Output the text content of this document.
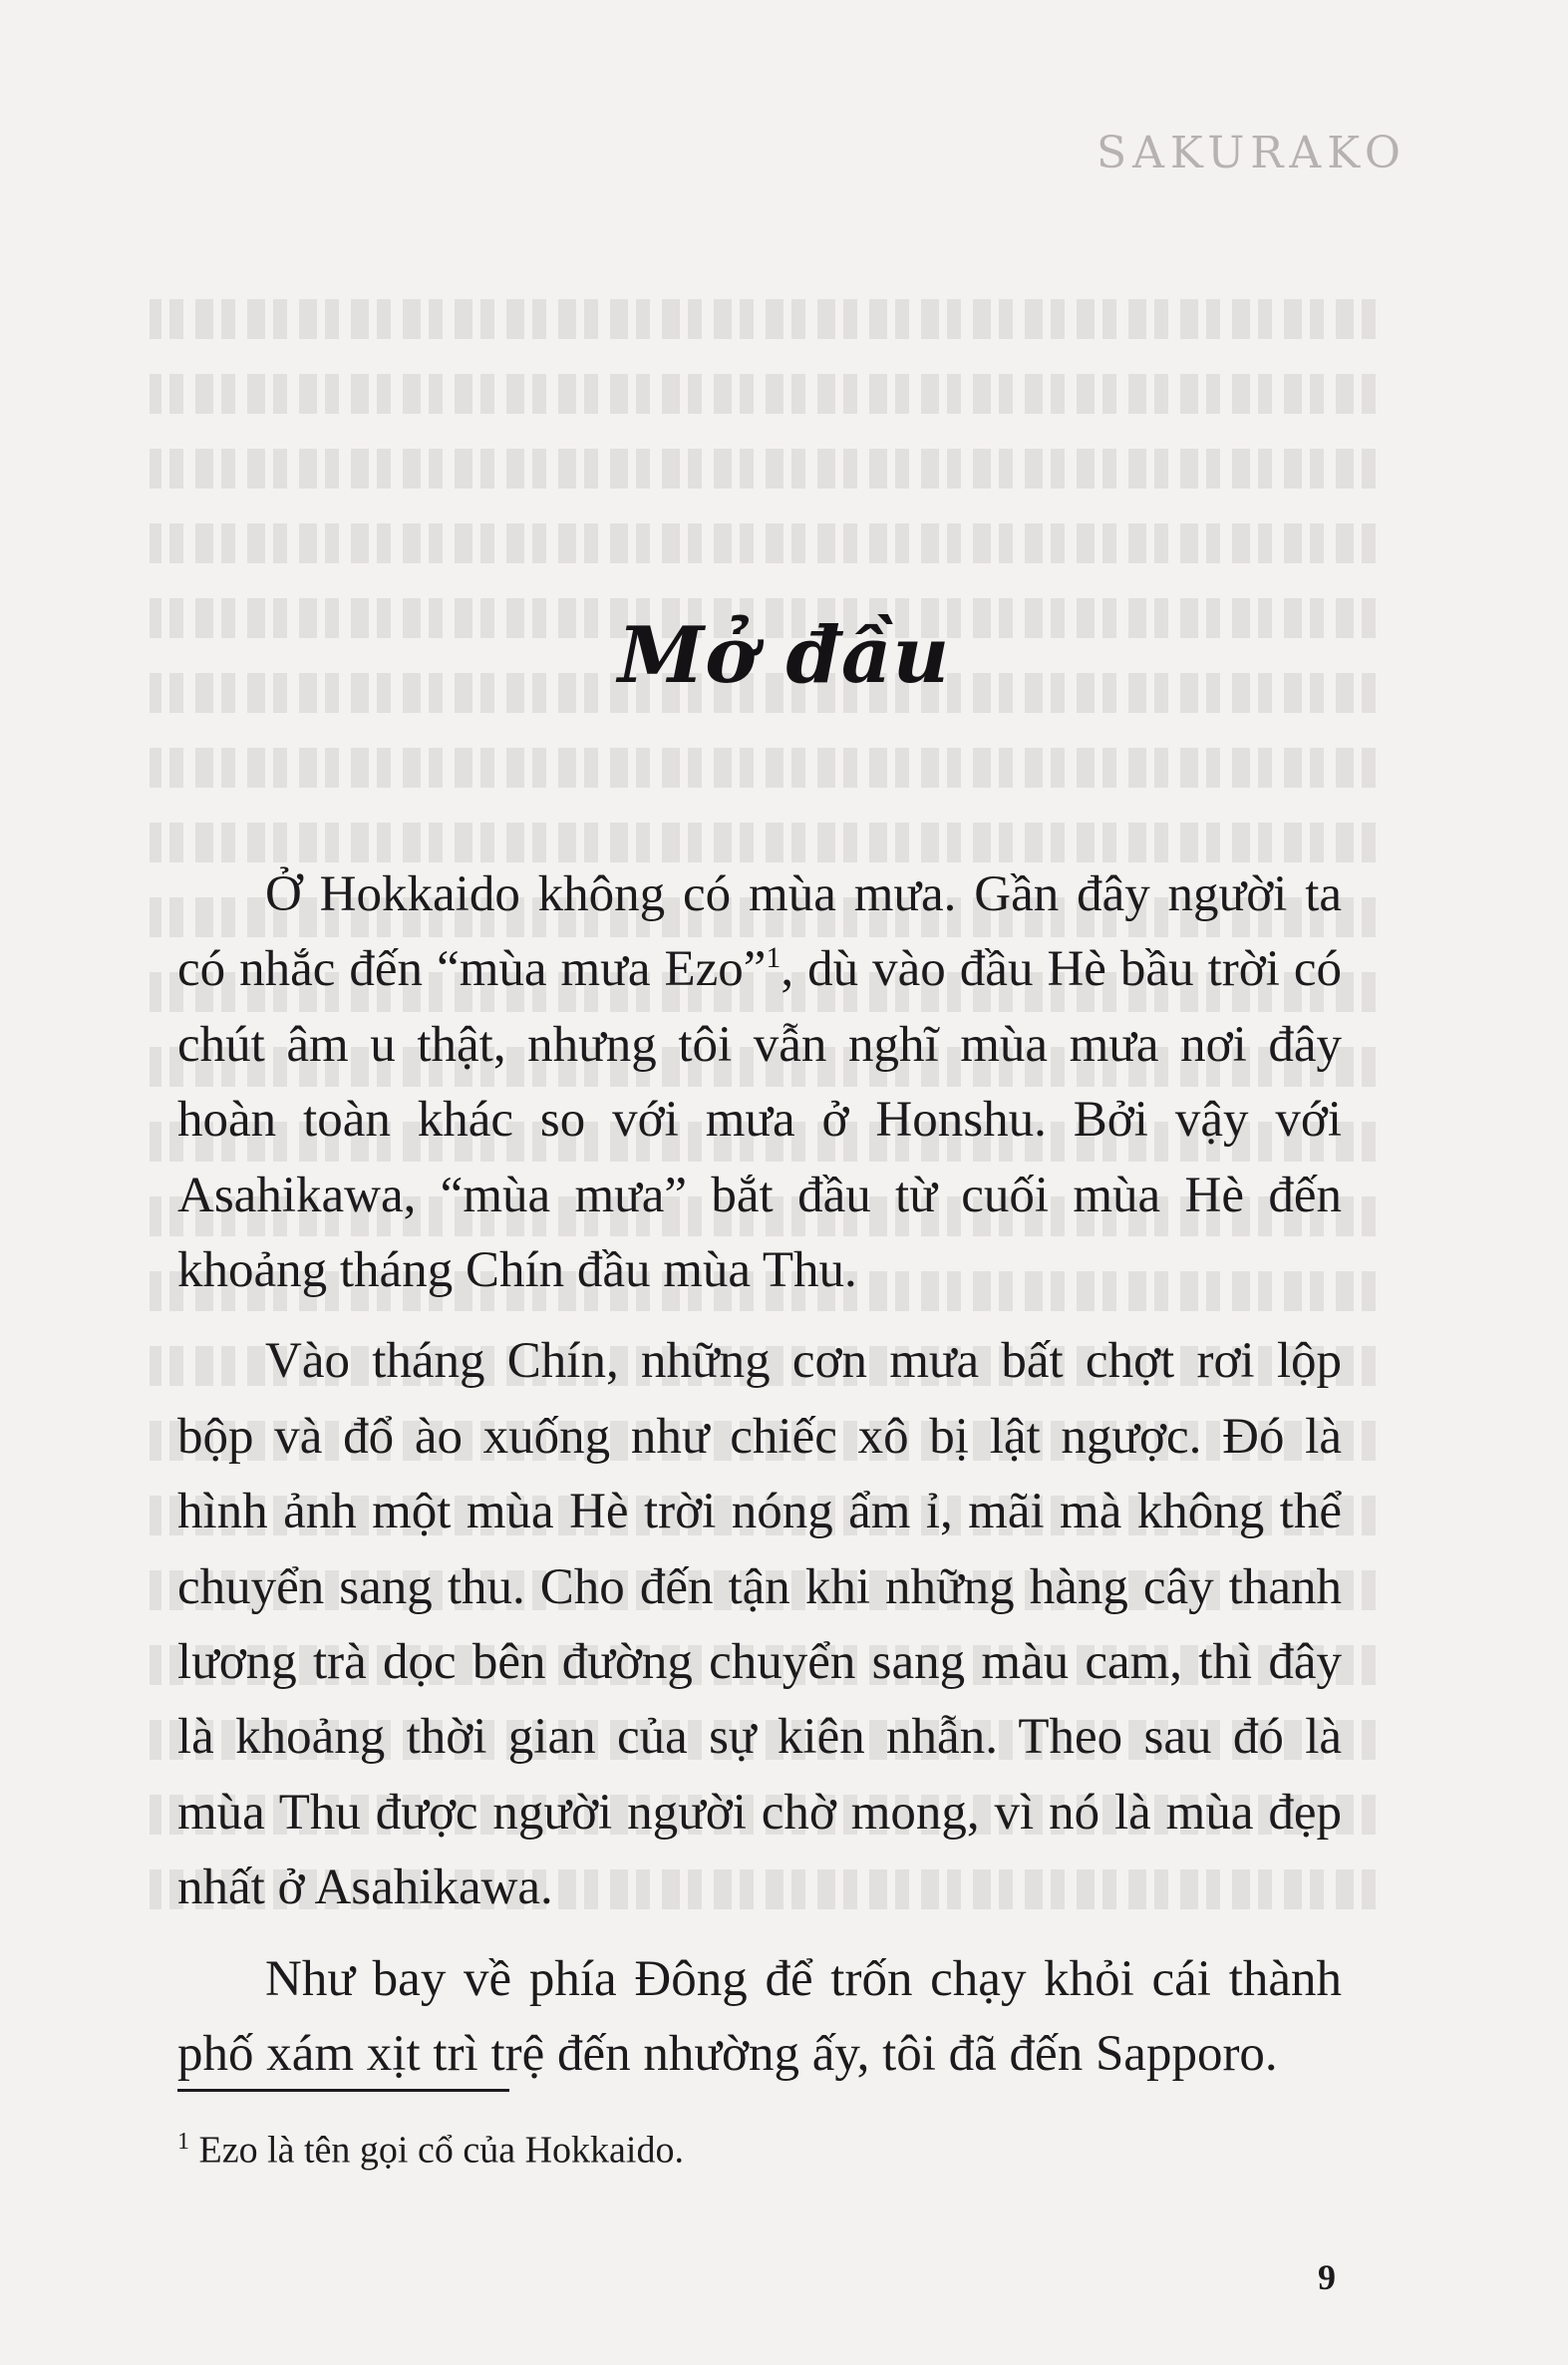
SAKURAKO
Mở đầu

Ở Hokkaido không có mùa mưa. Gần đây người ta có nhắc đến “mùa mưa Ezo”$^1$, dù vào đầu Hè bầu trời có chút âm u thật, nhưng tôi vẫn nghĩ mùa mưa nơi đây hoàn toàn khác so với mưa ở Honshu. Bởi vậy với Asahikawa, “mùa mưa” bắt đầu từ cuối mùa Hè đến khoảng tháng Chín đầu mùa Thu.

Vào tháng Chín, những cơn mưa bất chợt rơi lộp bộp và đổ ào xuống như chiếc xô bị lật ngược. Đó là hình ảnh một mùa Hè trời nóng ẩm ỉ, mãi mà không thể chuyển sang thu. Cho đến tận khi những hàng cây thanh lương trà dọc bên đường chuyển sang màu cam, thì đây là khoảng thời gian của sự kiên nhẫn. Theo sau đó là mùa Thu được người người chờ mong, vì nó là mùa đẹp nhất ở Asahikawa.

Như bay về phía Đông để trốn chạy khỏi cái thành phố xám xịt trì trệ đến nhường ấy, tôi đã đến Sapporo.

$^1$ Ezo là tên gọi cổ của Hokkaido.
9
